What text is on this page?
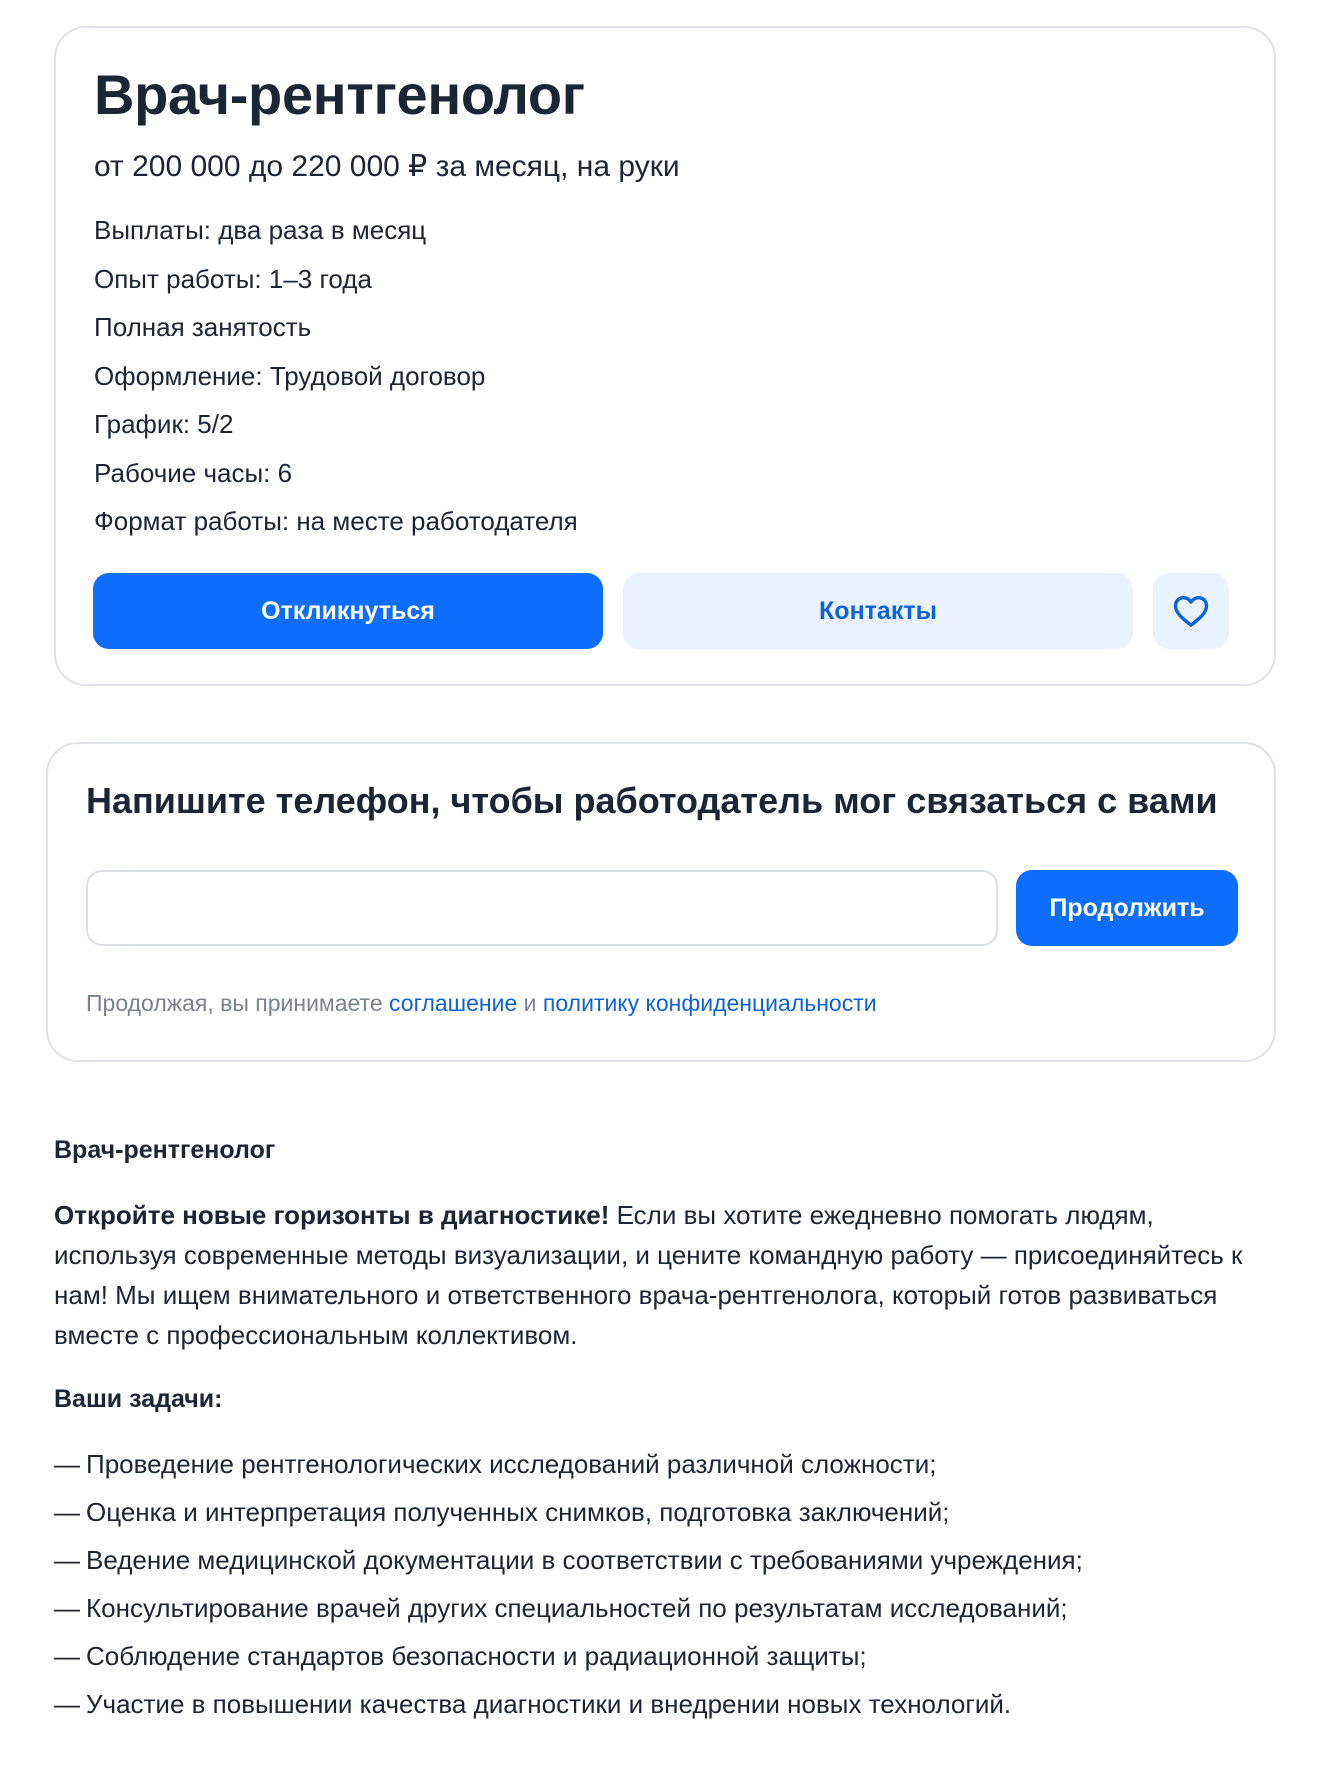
Врач-рентгенолог
от 200 000 до 220 000 ₽ за месяц, на руки
Выплаты: два раза в месяц
Опыт работы: 1–3 года
Полная занятость
Оформление: Трудовой договор
График: 5/2
Рабочие часы: 6
Формат работы: на месте работодателя
Откликнуться	Контакты
Напишите телефон, чтобы работодатель мог связаться с вами
Продолжить
Продолжая, вы принимаете соглашение и политику конфиденциальности
Врач-рентгенолог

Откройте новые горизонты в диагностике! Если вы хотите ежедневно помогать людям, используя современные методы визуализации, и цените командную работу — присоединяйтесь к нам! Мы ищем внимательного и ответственного врача-рентгенолога, который готов развиваться вместе с профессиональным коллективом.

Ваши задачи:
— Проведение рентгенологических исследований различной сложности;
— Оценка и интерпретация полученных снимков, подготовка заключений;
— Ведение медицинской документации в соответствии с требованиями учреждения;
— Консультирование врачей других специальностей по результатам исследований;
— Соблюдение стандартов безопасности и радиационной защиты;
— Участие в повышении качества диагностики и внедрении новых технологий.
